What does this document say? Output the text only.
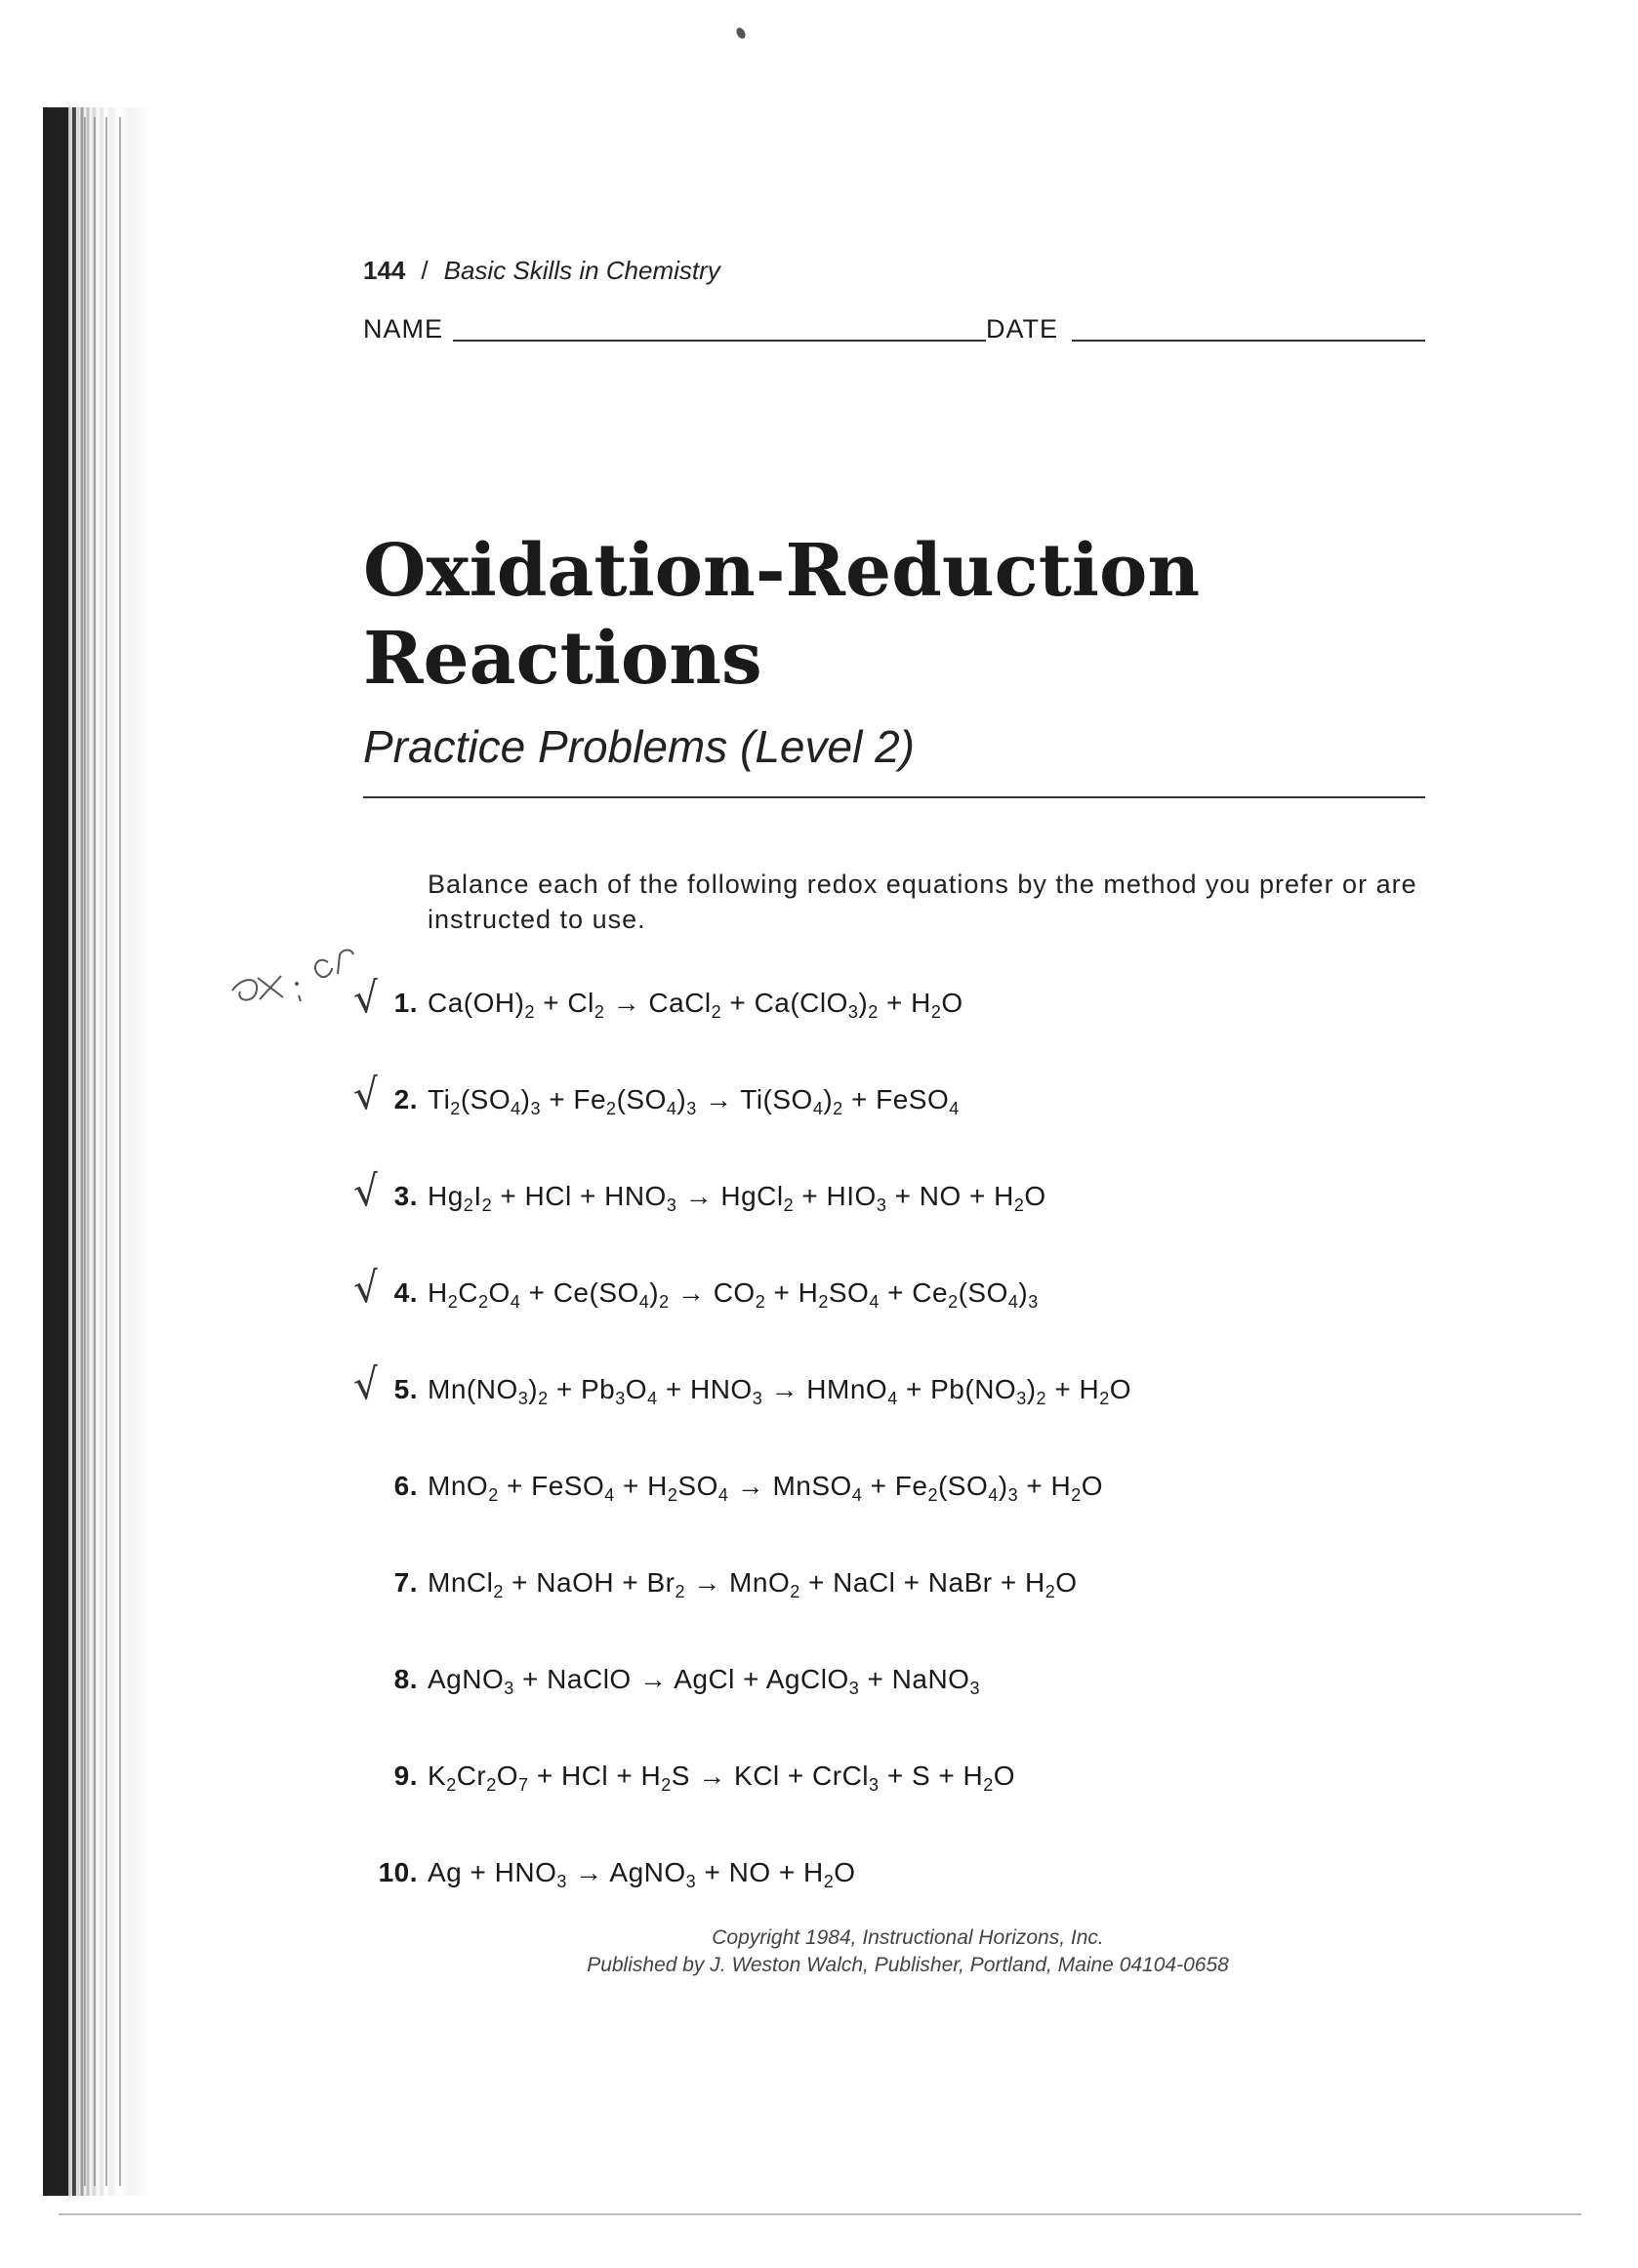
144 / Basic Skills in Chemistry
NAME	DATE
Oxidation-Reduction
Reactions
Practice Problems (Level 2)
Balance each of the following redox equations by the method you prefer or are instructed to use.
1. $Ca(OH)_2 + Cl_2$ → CaCl$_2$ + $Ca(ClO_3)_2 + H_2O$
√
2. $Ti_2(SO_4)_3 + Fe_2(SO_4)_3 \to Ti(SO_4)_2$ + FeSO$_4$
√
3. $Hg_2I_2$ + HCl + $HNO_3$ → HgCl$_2$ + $HIO_3$ + NO + $H_2O$
√
4. $H_2C_2O_4 + Ce(SO_4)_2 \to CO_2 + H_2SO_4 + Ce_2(SO_4)_3$
√
5. $Mn(NO_3)_2 + Pb_3O_4 + HNO_3$ → HMnO$_4$ + $Pb(NO_3)_2 + H_2O$
√
6. MnO$_2$ + FeSO$_4$ + $H_2SO_4$ → MnSO$_4$ + $Fe_2(SO_4)_3 + H_2O$
7. MnCl$_2$ + NaOH + $Br_2 \to MnO_2$ + NaCl + NaBr + $H_2O$
8. AgNO$_3$ + NaClO → AgCl + AgClO$_3$ + NaNO$_3$
9. $K_2Cr_2O_7$ + HCl + $H_2S$ → KCl + CrCl$_3$ + $S + H_2O$
10. $Ag + HNO_3$ → AgNO$_3$ + NO + $H_2O$
Copyright 1984, Instructional Horizons, Inc.
Published by J. Weston Walch, Publisher, Portland, Maine 04104-0658
